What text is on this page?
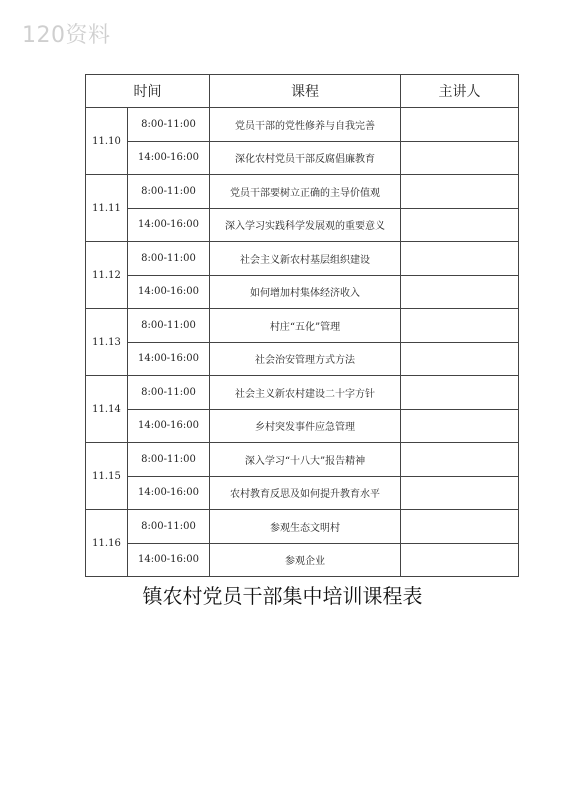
120资料
时间		课程	主讲人
11.10	8:00-11:00	党员干部的党性修养与自我完善	
	14:00-16:00	深化农村党员干部反腐倡廉教育	
11.11	8:00-11:00	党员干部要树立正确的主导价值观	
	14:00-16:00	深入学习实践科学发展观的重要意义	
11.12	8:00-11:00	社会主义新农村基层组织建设	
	14:00-16:00	如何增加村集体经济收入	
11.13	8:00-11:00	村庄“五化”管理	
	14:00-16:00	社会治安管理方式方法	
11.14	8:00-11:00	社会主义新农村建设二十字方针	
	14:00-16:00	乡村突发事件应急管理	
11.15	8:00-11:00	深入学习“十八大”报告精神	
	14:00-16:00	农村教育反思及如何提升教育水平	
11.16	8:00-11:00	参观生态文明村	
	14:00-16:00	参观企业	
镇农村党员干部集中培训课程表
